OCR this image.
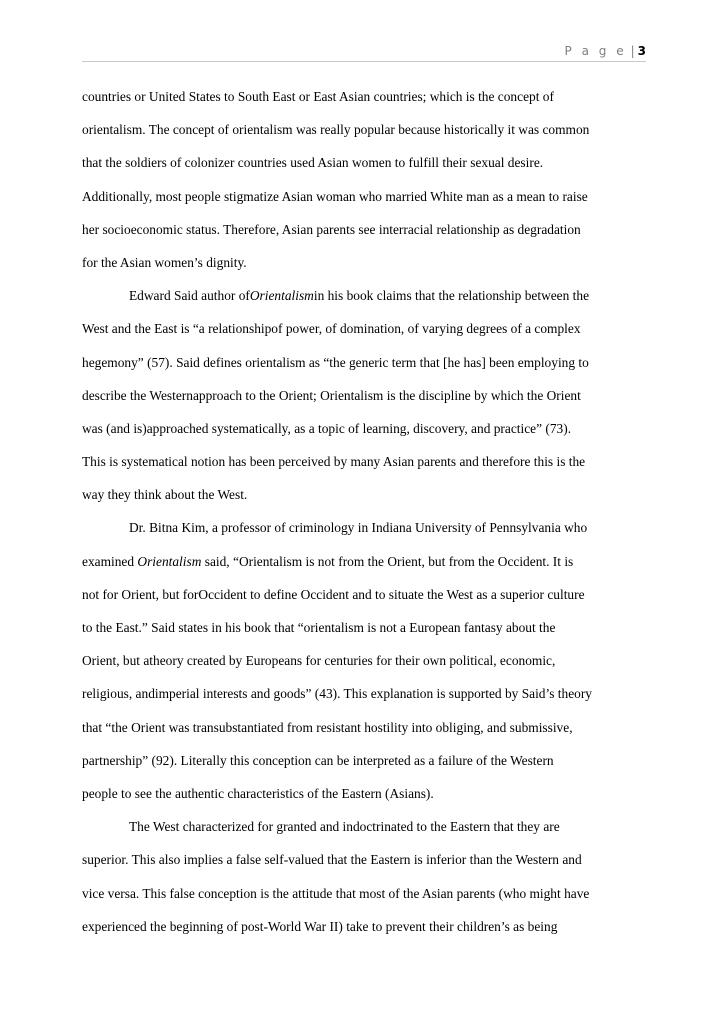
P a g e | 3
countries or United States to South East or East Asian countries; which is the concept of
orientalism. The concept of orientalism was really popular because historically it was common
that the soldiers of colonizer countries used Asian women to fulfill their sexual desire.
Additionally, most people stigmatize Asian woman who married White man as a mean to raise
her socioeconomic status. Therefore, Asian parents see interracial relationship as degradation
for the Asian women’s dignity.
Edward Said author ofOrientalismin his book claims that the relationship between the
West and the East is “a relationshipof power, of domination, of varying degrees of a complex
hegemony” (57). Said defines orientalism as “the generic term that [he has] been employing to
describe the Westernapproach to the Orient; Orientalism is the discipline by which the Orient
was (and is)approached systematically, as a topic of learning, discovery, and practice” (73).
This is systematical notion has been perceived by many Asian parents and therefore this is the
way they think about the West.
Dr. Bitna Kim, a professor of criminology in Indiana University of Pennsylvania who
examined Orientalism said, “Orientalism is not from the Orient, but from the Occident. It is
not for Orient, but forOccident to define Occident and to situate the West as a superior culture
to the East.” Said states in his book that “orientalism is not a European fantasy about the
Orient, but atheory created by Europeans for centuries for their own political, economic,
religious, andimperial interests and goods” (43). This explanation is supported by Said’s theory
that “the Orient was transubstantiated from resistant hostility into obliging, and submissive,
partnership” (92). Literally this conception can be interpreted as a failure of the Western
people to see the authentic characteristics of the Eastern (Asians).
The West characterized for granted and indoctrinated to the Eastern that they are
superior. This also implies a false self-valued that the Eastern is inferior than the Western and
vice versa. This false conception is the attitude that most of the Asian parents (who might have
experienced the beginning of post-World War II) take to prevent their children’s as being
